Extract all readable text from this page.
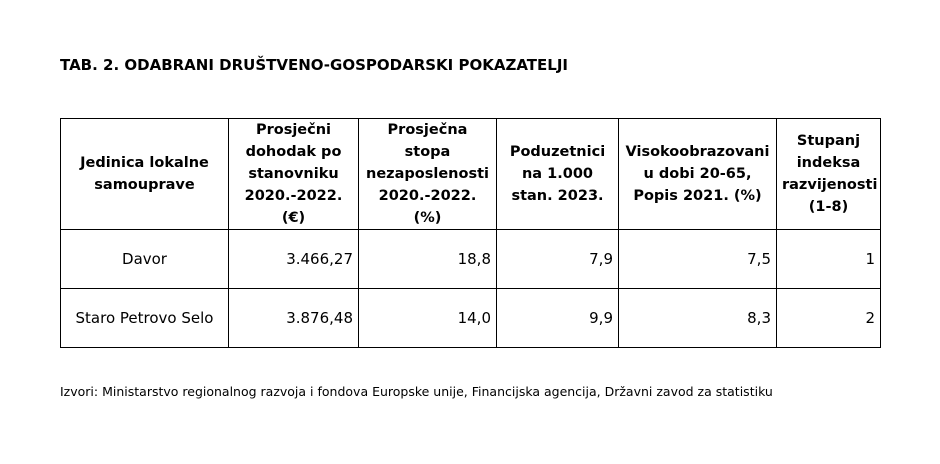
TAB. 2. ODABRANI DRUŠTVENO-GOSPODARSKI POKAZATELJI
Jedinica lokalne samouprave	Prosječni dohodak po stanovniku 2020.-2022. (€)	Prosječna stopa nezaposlenosti 2020.-2022. (%)	Poduzetnici na 1.000 stan. 2023.	Visokoobrazovani u dobi 20-65, Popis 2021. (%)	Stupanj indeksa razvijenosti (1-8)
Davor	3.466,27	18,8	7,9	7,5	1
Staro Petrovo Selo	3.876,48	14,0	9,9	8,3	2
Izvori: Ministarstvo regionalnog razvoja i fondova Europske unije, Financijska agencija, Državni zavod za statistiku
